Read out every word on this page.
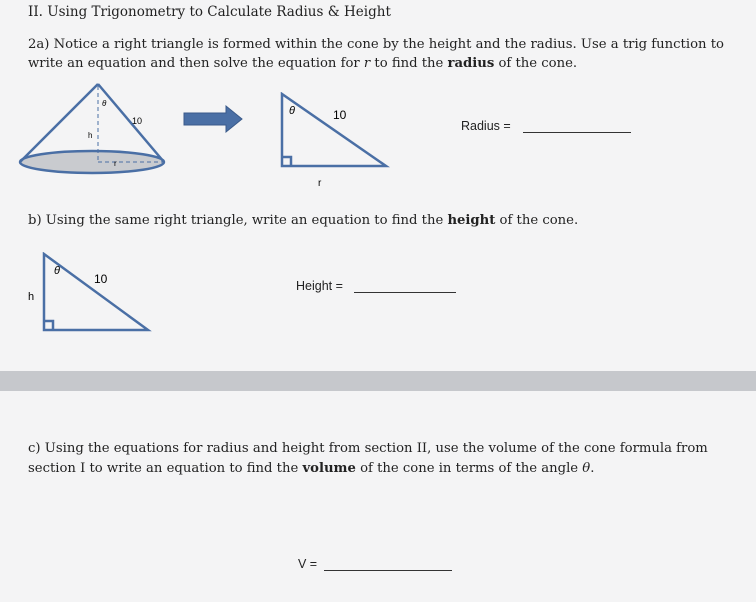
II. Using Trigonometry to Calculate Radius & Height
2a) Notice a right triangle is formed within the cone by the height and the radius. Use a trig function to write an equation and then solve the equation for r to find the radius of the cone.
θ
10
h
r
θ	10
r
Radius =
b) Using the same right triangle, write an equation to find the height of the cone.
θ
10
h
Height =
c) Using the equations for radius and height from section II, use the volume of the cone formula from section I to write an equation to find the volume of the cone in terms of the angle θ.
V =
